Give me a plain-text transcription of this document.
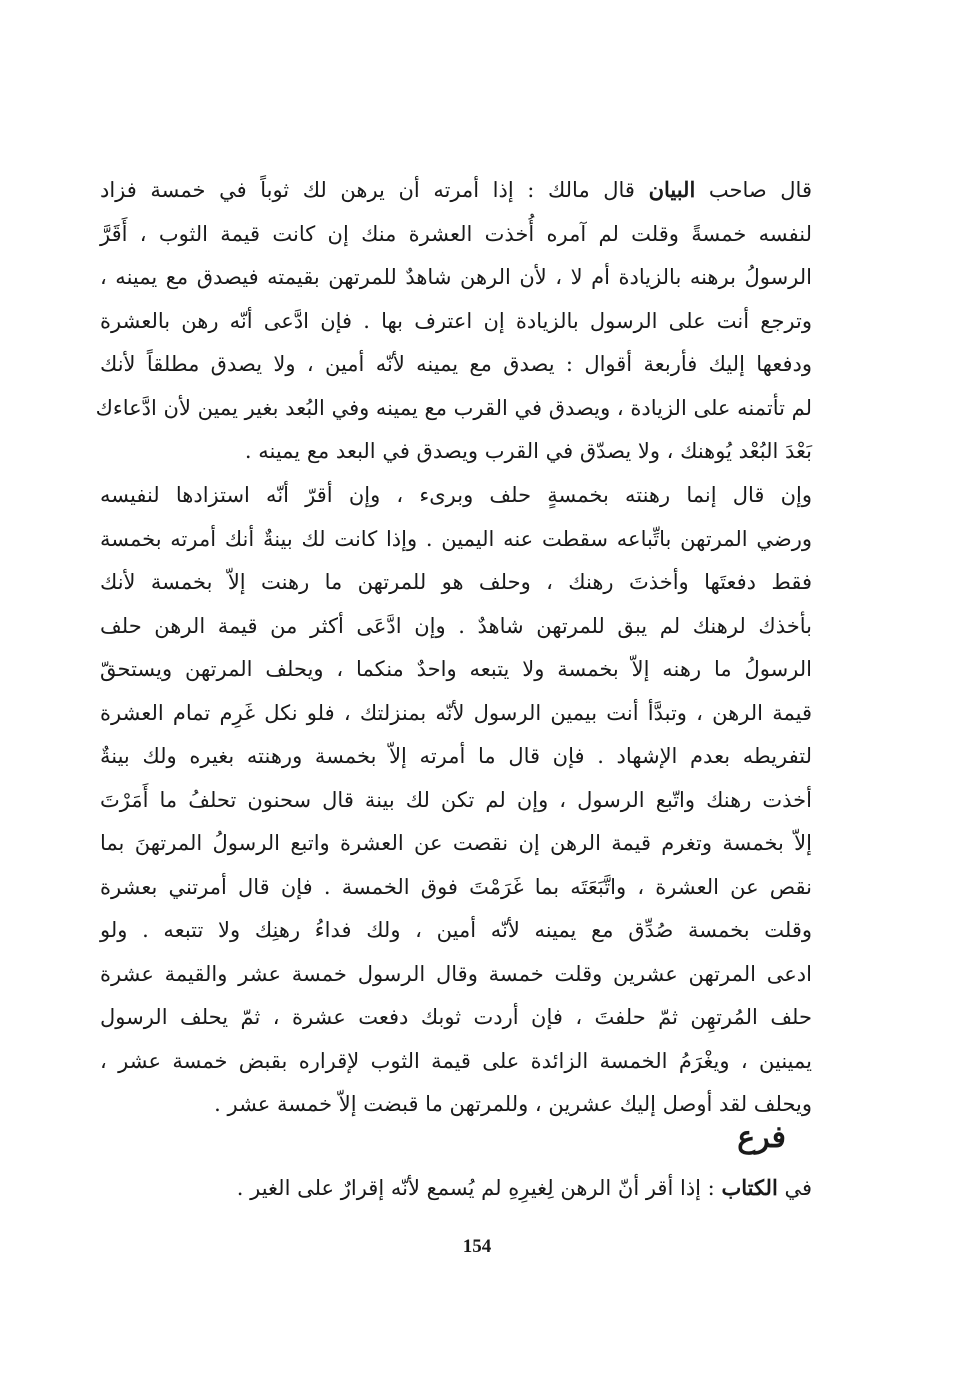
قال صاحب البيان قال مالك : إذا أمرته أن يرهن لك ثوباً في خمسة فزاد
لنفسه خمسةً وقلت لم آمره أُخذت العشرة منك إن كانت قيمة الثوب ، أَقَرَّ
الرسولُ برهنه بالزيادة أم لا ، لأن الرهن شاهدٌ للمرتهن بقيمته فيصدق مع يمينه ،
وترجع أنت على الرسول بالزيادة إن اعترف بها . فإن ادَّعى أنّه رهن بالعشرة
ودفعها إليك فأربعة أقوال : يصدق مع يمينه لأنّه أمين ، ولا يصدق مطلقاً لأنك
لم تأتمنه على الزيادة ، ويصدق في القرب مع يمينه وفي البُعد بغير يمين لأن ادَّعاءك
بَعْدَ البُعْد يُوهنك ، ولا يصدّق في القرب ويصدق في البعد مع يمينه .
وإن قال إنما رهنته بخمسةٍ حلف وبرىء ، وإن أقرّ أنّه استزادها لنفيسه
ورضي المرتهن باتِّباعه سقطت عنه اليمين . وإذا كانت لك بينةٌ أنك أمرته بخمسة
فقط دفعتَها وأخذتَ رهنك ، وحلف هو للمرتهن ما رهنت إلاّ بخمسة لأنك
بأخذك لرهنك لم يبق للمرتهن شاهدٌ . وإن ادَّعَى أكثر من قيمة الرهن حلف
الرسولُ ما رهنه إلاّ بخمسة ولا يتبعه واحدٌ منكما ، ويحلف المرتهن ويستحقّ
قيمة الرهن ، وتبدَّأ أنت بيمين الرسول لأنّه بمنزلتك ، فلو نكل غَرِم تمام العشرة
لتفريطه بعدم الإشهاد . فإن قال ما أمرته إلاّ بخمسة ورهنته بغيره ولك بينةٌ
أخذت رهنك واتّبع الرسول ، وإن لم تكن لك بينة قال سحنون تحلفُ ما أَمَرْتَ
إلاّ بخمسة وتغرم قيمة الرهن إن نقصت عن العشرة واتبع الرسولُ المرتهنَ بما
نقص عن العشرة ، واتَّبَعَتَه بما غَرَمْتَ فوق الخمسة . فإن قال أمرتني بعشرة
وقلت بخمسة صُدِّق مع يمينه لأنّه أمين ، ولك فداءُ رهنِك ولا تتبعه . ولو
ادعى المرتهن عشرين وقلت خمسة وقال الرسول خمسة عشر والقيمة عشرة
حلف المُرتهِن ثمّ حلفتَ ، فإن أردت ثوبك دفعت عشرة ، ثمّ يحلف الرسول
يمينين ، ويغْرَمُ الخمسة الزائدة على قيمة الثوب لإقراره بقبض خمسة عشر ،
ويحلف لقد أوصل إليك عشرين ، وللمرتهن ما قبضت إلاّ خمسة عشر .
فرع
في الكتاب : إذا أقر أنّ الرهن لِغيرِهِ لم يُسمع لأنّه إقرارٌ على الغير .
154
